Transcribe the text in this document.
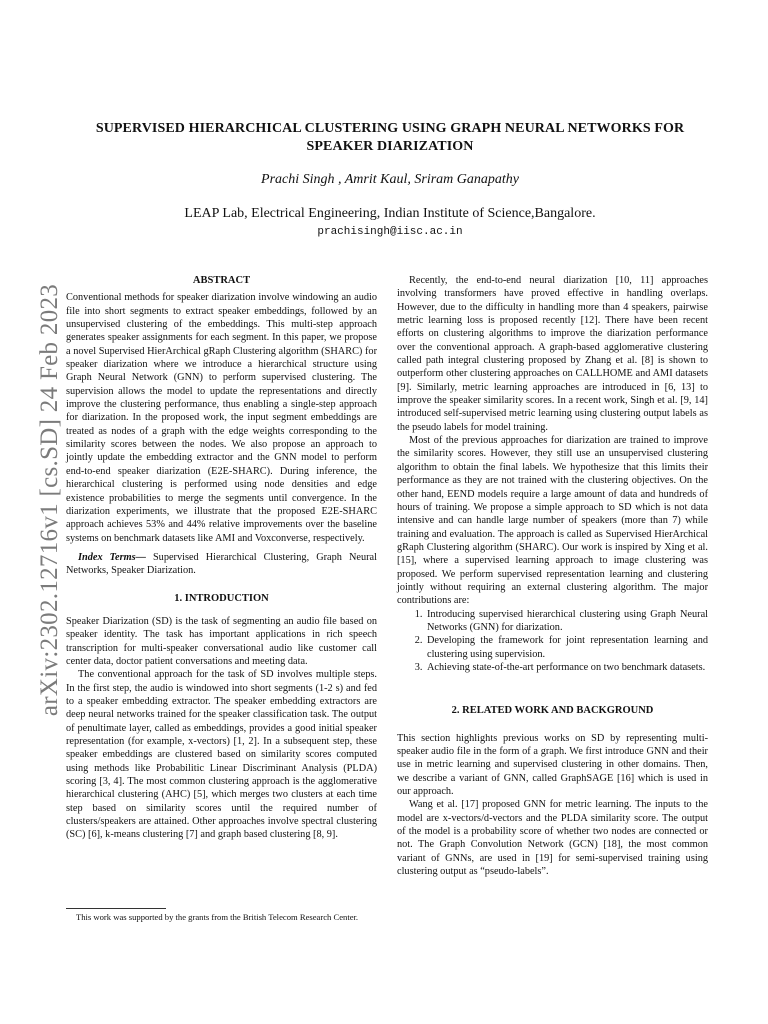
arXiv:2302.12716v1 [cs.SD] 24 Feb 2023
SUPERVISED HIERARCHICAL CLUSTERING USING GRAPH NEURAL NETWORKS FOR SPEAKER DIARIZATION
Prachi Singh , Amrit Kaul, Sriram Ganapathy
LEAP Lab, Electrical Engineering, Indian Institute of Science,Bangalore.
prachisingh@iisc.ac.in
ABSTRACT

Conventional methods for speaker diarization involve windowing an audio file into short segments to extract speaker embeddings, followed by an unsupervised clustering of the embeddings. This multi-step approach generates speaker assignments for each segment. In this paper, we propose a novel Supervised HierArchical gRaph Clustering algorithm (SHARC) for speaker diarization where we introduce a hierarchical structure using Graph Neural Network (GNN) to perform supervised clustering. The supervision allows the model to update the representations and directly improve the clustering performance, thus enabling a single-step approach for diarization. In the proposed work, the input segment embeddings are treated as nodes of a graph with the edge weights corresponding to the similarity scores between the nodes. We also propose an approach to jointly update the embedding extractor and the GNN model to perform end-to-end speaker diarization (E2E-SHARC). During inference, the hierarchical clustering is performed using node densities and edge existence probabilities to merge the segments until convergence. In the diarization experiments, we illustrate that the proposed E2E-SHARC approach achieves 53% and 44% relative improvements over the baseline systems on benchmark datasets like AMI and Voxconverse, respectively.

Index Terms— Supervised Hierarchical Clustering, Graph Neural Networks, Speaker Diarization.
1. INTRODUCTION

Speaker Diarization (SD) is the task of segmenting an audio file based on speaker identity. The task has important applications in rich speech transcription for multi-speaker conversational audio like customer call center data, doctor patient conversations and meeting data.

The conventional approach for the task of SD involves multiple steps. In the first step, the audio is windowed into short segments (1-2 s) and fed to a speaker embedding extractor. The speaker embedding extractors are deep neural networks trained for the speaker classification task. The output of penultimate layer, called as embeddings, provides a good initial speaker representation (for example, x-vectors) [1, 2]. In a subsequent step, these speaker embeddings are clustered based on similarity scores computed using methods like Probabilitic Linear Discriminant Analysis (PLDA) scoring [3, 4]. The most common clustering approach is the agglomerative hierarchical clustering (AHC) [5], which merges two clusters at each time step based on similarity scores until the required number of clusters/speakers are attained. Other approaches involve spectral clustering (SC) [6], k-means clustering [7] and graph based clustering [8, 9].

This work was supported by the grants from the British Telecom Research Center.

Recently, the end-to-end neural diarization [10, 11] approaches involving transformers have proved effective in handling overlaps. However, due to the difficulty in handling more than 4 speakers, pairwise metric learning loss is proposed recently [12]. There have been recent efforts on clustering algorithms to improve the diarization performance over the conventional approach. A graph-based agglomerative clustering called path integral clustering proposed by Zhang et al. [8] is shown to outperform other clustering approaches on CALLHOME and AMI datasets [9]. Similarly, metric learning approaches are introduced in [6, 13] to improve the speaker similarity scores. In a recent work, Singh et al. [9, 14] introduced self-supervised metric learning using clustering output labels as the pseudo labels for model training.

Most of the previous approaches for diarization are trained to improve the similarity scores. However, they still use an unsupervised clustering algorithm to obtain the final labels. We hypothesize that this limits their performance as they are not trained with the clustering objectives. On the other hand, EEND models require a large amount of data and hundreds of hours of training. We propose a simple approach to SD which is not data intensive and can handle large number of speakers (more than 7) while training and evaluation. The approach is called as Supervised HierArchical gRaph Clustering algorithm (SHARC). Our work is inspired by Xing et al. [15], where a supervised learning approach to image clustering was proposed. We perform supervised representation learning and clustering jointly without requiring an external clustering algorithm. The major contributions are:

1. Introducing supervised hierarchical clustering using Graph Neural Networks (GNN) for diarization.
2. Developing the framework for joint representation learning and clustering using supervision.
3. Achieving state-of-the-art performance on two benchmark datasets.
2. RELATED WORK AND BACKGROUND

This section highlights previous works on SD by representing multi-speaker audio file in the form of a graph. We first introduce GNN and their use in metric learning and supervised clustering in other domains. Then, we describe a variant of GNN, called GraphSAGE [16] which is used in our approach.

Wang et al. [17] proposed GNN for metric learning. The inputs to the model are x-vectors/d-vectors and the PLDA similarity score. The output of the model is a probability score of whether two nodes are connected or not. The Graph Convolution Network (GCN) [18], the most common variant of GNNs, are used in [19] for semi-supervised training using clustering output as “pseudo-labels”.
